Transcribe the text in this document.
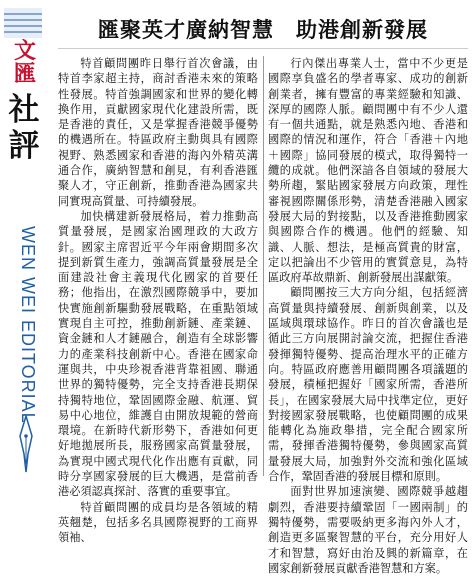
文匯
社評
WEN WEI EDITORIAL
匯聚英才廣納智慧　助港創新發展

特首顧問團昨日舉行首次會議，由特首李家超主持，商討香港未來的策略性發展。特首強調國家和世界的變化轉換作用，貢獻國家現代化建設所需，既是香港的責任，又是掌握香港競爭優勢的機遇所在。特區政府主動與具有國際視野、熟悉國家和香港的海內外精英溝通合作，廣納智慧和創見，有利香港匯聚人才，守正創新，推動香港為國家共同實現高質量、可持續發展。

加快構建新發展格局，着力推動高質量發展，是國家治國理政的大政方針。國家主席習近平今年兩會期間多次提到新質生產力，強調高質量發展是全面建設社會主義現代化國家的首要任務；他指出，在激烈國際競爭中，要加快實施創新驅動發展戰略，在重點領域實現自主可控，推動創新鏈、產業鏈、資金鏈和人才鏈融合，創造有全球影響力的產業科技創新中心。香港在國家命運與共，中央珍視香港背靠祖國、聯通世界的獨特優勢，完全支持香港長期保持獨特地位，鞏固國際金融、航運、貿易中心地位，維護自由開放規範的營商環境。在新時代新形勢下，香港如何更好地拋展所長，服務國家高質量發展，為實現中國式現代化作出應有貢獻，同時分享國家發展的巨大機遇，是當前香港必須認真探討、落實的重要事宜。

特首顧問團的成員均是各領域的精英翹楚，包括多名具國際視野的工商界領袖、

行內傑出專業人士，當中不少更是國際享負盛名的學者專家、成功的創新創業者，擁有豐富的專業經驗和知識、深厚的國際人脈。顧問團中有不少人還有一個共通點，就是熟悉內地、香港和國際的情況和運作，符合「香港＋內地＋國際」協同發展的模式，取得獨特一纜的成就。他們深諳各自領域的發展大勢所趨，緊貼國家發展方向政策，理性審視國際關係形勢，清楚香港融入國家發展大局的對接點，以及香港推動國家與國際合作的機遇。他們的經驗、知識、人脈、想法，是極高質貴的財富，定以把論出不少管用的實質意見，為特區政府革故鼎新、創新發展出謀獻策。

顧問團按三大方向分組，包括經濟高質量與持續發展、創新與創業，以及區域與環球協作。昨日的首次會議也是循此三方向展開討論交流，把握住香港發揮獨特優勢、提高治理水平的正確方向。特區政府應善用顧問團各項議題的發展，積極把握好「國家所需，香港所長」，在國家發展大局中找準定位，更好對接國家發展戰略，也使顧問團的成果能轉化為施政舉措，完全配合國家所需，發揮香港獨特優勢，參與國家高質量發展大局，加強對外交流和強化區域合作，鞏固香港的發展目標和原則。

面對世界加速演變、國際競爭越趨劇烈，香港要持續鞏固「一國兩制」的獨特優勢，需要吸納更多海內外人才，創造更多區聚智慧的平台，充分用好人才和智慧，寫好由治及興的新篇章，在國家創新發展貢獻香港智慧和方案。
